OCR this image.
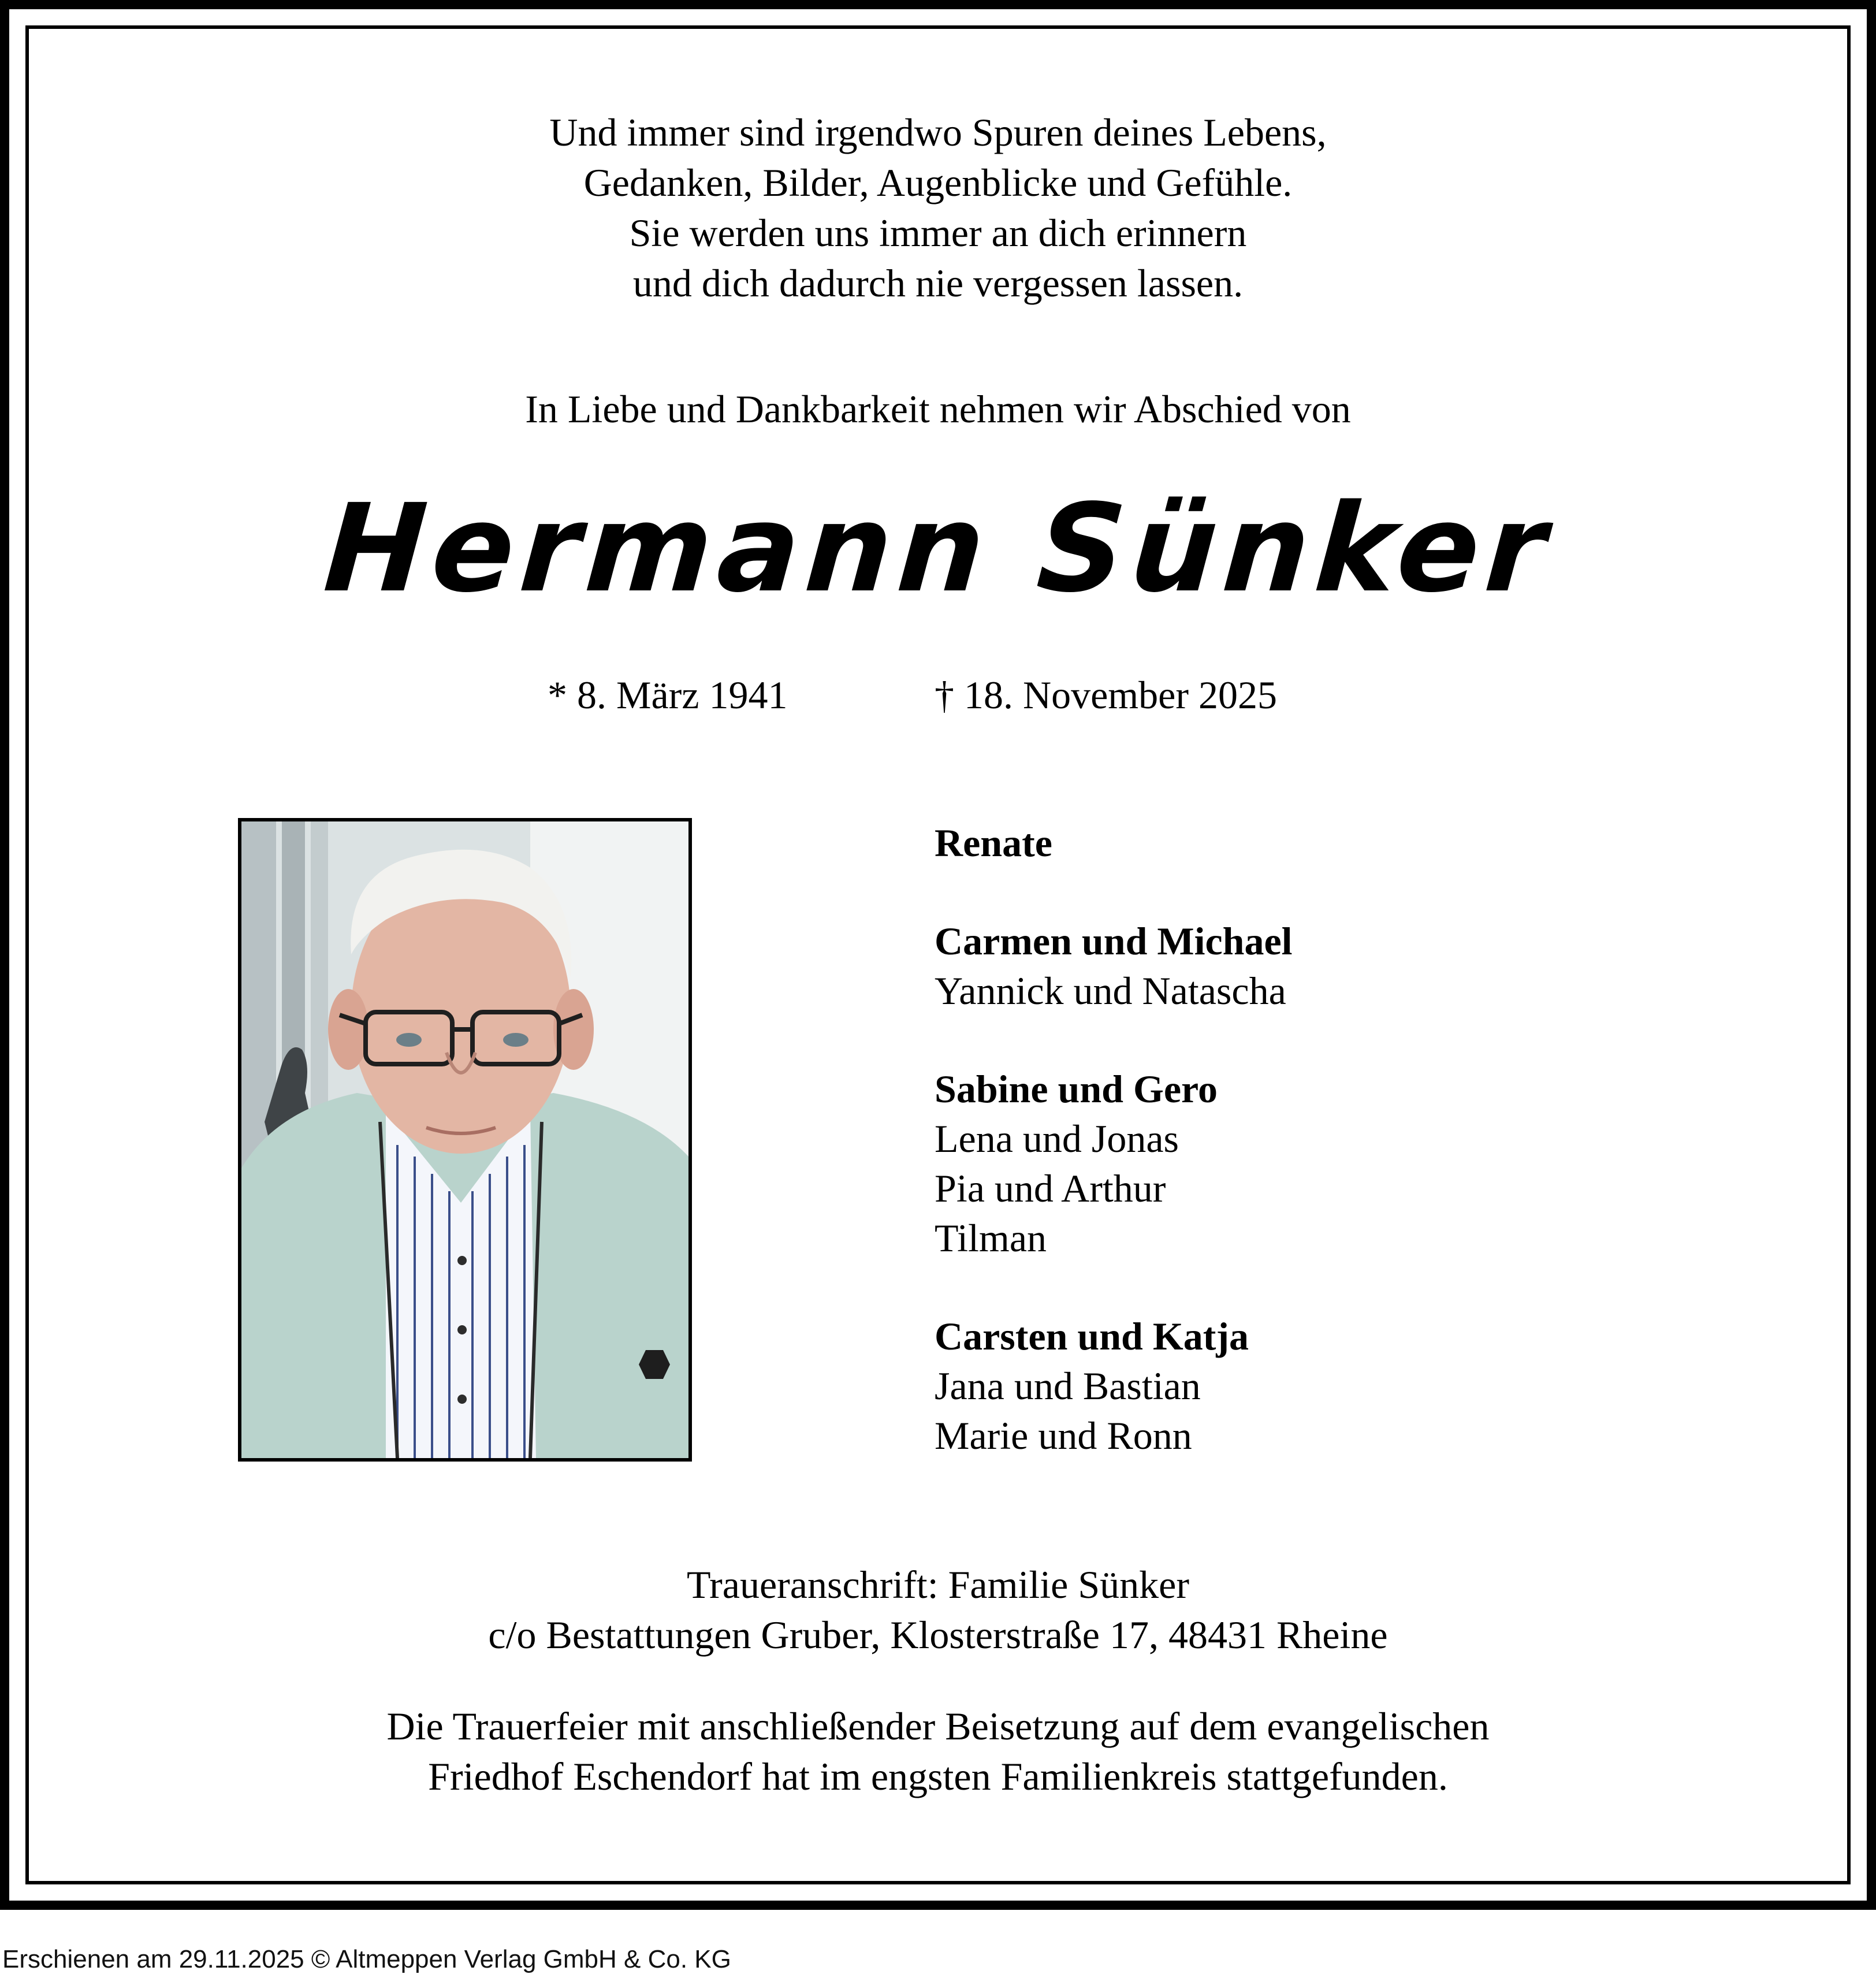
Und immer sind irgendwo Spuren deines Lebens,
Gedanken, Bilder, Augenblicke und Gefühle.
Sie werden uns immer an dich erinnern
und dich dadurch nie vergessen lassen.
In Liebe und Dankbarkeit nehmen wir Abschied von
Hermann Sünker
* 8. März 1941	† 18. November 2025
Renate
Carmen und Michael
Yannick und Natascha
Sabine und Gero
Lena und Jonas
Pia und Arthur
Tilman
Carsten und Katja
Jana und Bastian
Marie und Ronn
Traueranschrift: Familie Sünker
c/o Bestattungen Gruber, Klosterstraße 17, 48431 Rheine
Die Trauerfeier mit anschließender Beisetzung auf dem evangelischen
Friedhof Eschendorf hat im engsten Familienkreis stattgefunden.
Erschienen am 29.11.2025 © Altmeppen Verlag GmbH & Co. KG
